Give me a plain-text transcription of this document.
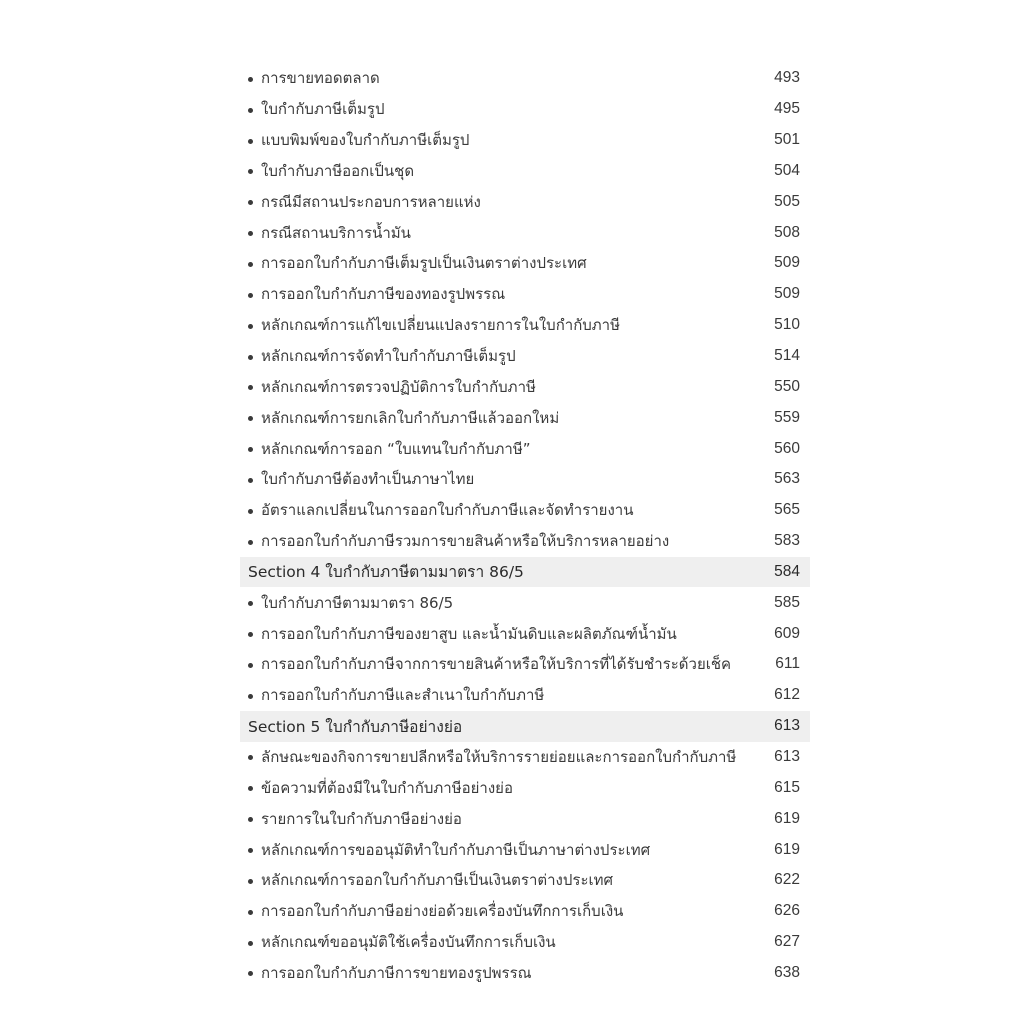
การขายทอดตลาด	493
ใบกำกับภาษีเต็มรูป	495
แบบพิมพ์ของใบกำกับภาษีเต็มรูป	501
ใบกำกับภาษีออกเป็นชุด	504
กรณีมีสถานประกอบการหลายแห่ง	505
กรณีสถานบริการน้ำมัน	508
การออกใบกำกับภาษีเต็มรูปเป็นเงินตราต่างประเทศ	509
การออกใบกำกับภาษีของทองรูปพรรณ	509
หลักเกณฑ์การแก้ไขเปลี่ยนแปลงรายการในใบกำกับภาษี	510
หลักเกณฑ์การจัดทำใบกำกับภาษีเต็มรูป	514
หลักเกณฑ์การตรวจปฏิบัติการใบกำกับภาษี	550
หลักเกณฑ์การยกเลิกใบกำกับภาษีแล้วออกใหม่	559
หลักเกณฑ์การออก “ใบแทนใบกำกับภาษี”	560
ใบกำกับภาษีต้องทำเป็นภาษาไทย	563
อัตราแลกเปลี่ยนในการออกใบกำกับภาษีและจัดทำรายงาน	565
การออกใบกำกับภาษีรวมการขายสินค้าหรือให้บริการหลายอย่าง	583
Section 4 ใบกำกับภาษีตามมาตรา 86/5	584
ใบกำกับภาษีตามมาตรา 86/5	585
การออกใบกำกับภาษีของยาสูบ และน้ำมันดิบและผลิตภัณฑ์น้ำมัน	609
การออกใบกำกับภาษีจากการขายสินค้าหรือให้บริการที่ได้รับชำระด้วยเช็ค	611
การออกใบกำกับภาษีและสำเนาใบกำกับภาษี	612
Section 5 ใบกำกับภาษีอย่างย่อ	613
ลักษณะของกิจการขายปลีกหรือให้บริการรายย่อยและการออกใบกำกับภาษี	613
ข้อความที่ต้องมีในใบกำกับภาษีอย่างย่อ	615
รายการในใบกำกับภาษีอย่างย่อ	619
หลักเกณฑ์การขออนุมัติทำใบกำกับภาษีเป็นภาษาต่างประเทศ	619
หลักเกณฑ์การออกใบกำกับภาษีเป็นเงินตราต่างประเทศ	622
การออกใบกำกับภาษีอย่างย่อด้วยเครื่องบันทึกการเก็บเงิน	626
หลักเกณฑ์ขออนุมัติใช้เครื่องบันทึกการเก็บเงิน	627
การออกใบกำกับภาษีการขายทองรูปพรรณ	638
